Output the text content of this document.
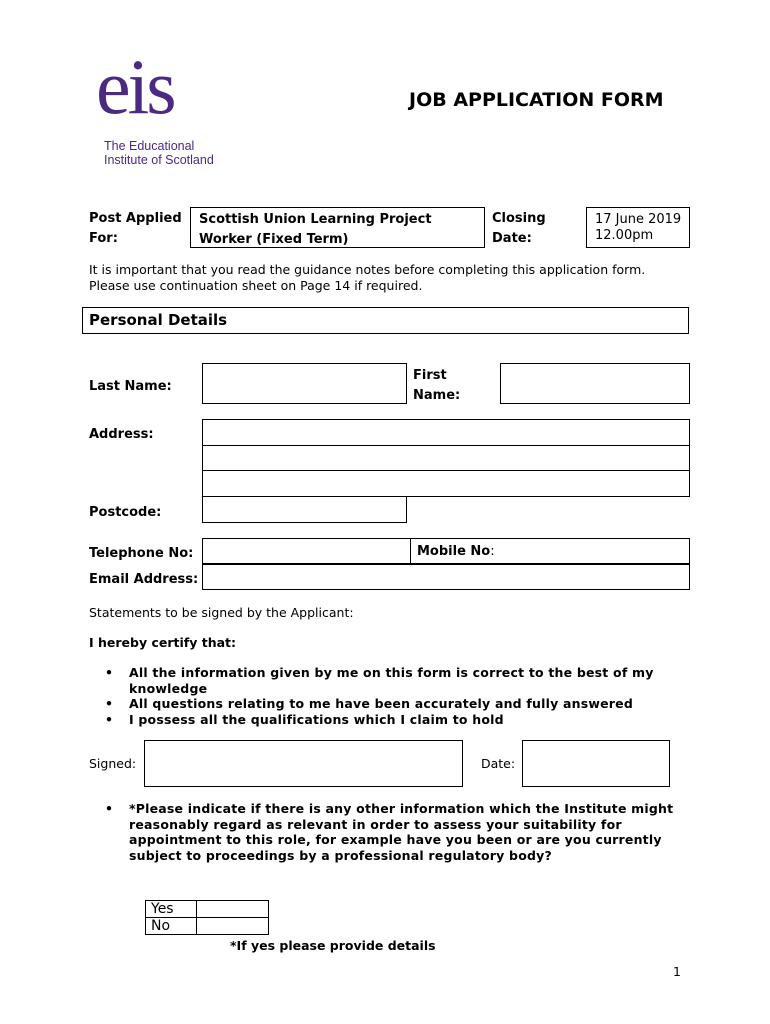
eis
The Educational
Institute of Scotland
JOB APPLICATION FORM
Post Applied
For:
Scottish Union Learning Project
Worker (Fixed Term)
Closing
Date:
17 June 2019
12.00pm
It is important that you read the guidance notes before completing this application form.
Please use continuation sheet on Page 14 if required.
Personal Details
Last Name:
First
Name:
Address:
Postcode:
Telephone No:	Mobile No:
Email Address:
Statements to be signed by the Applicant:
I hereby certify that:
• All the information given by me on this form is correct to the best of my knowledge
• All questions relating to me have been accurately and fully answered
• I possess all the qualifications which I claim to hold
Signed:	Date:
• *Please indicate if there is any other information which the Institute might reasonably regard as relevant in order to assess your suitability for appointment to this role, for example have you been or are you currently subject to proceedings by a professional regulatory body?
Yes	
No	
*If yes please provide details
1
